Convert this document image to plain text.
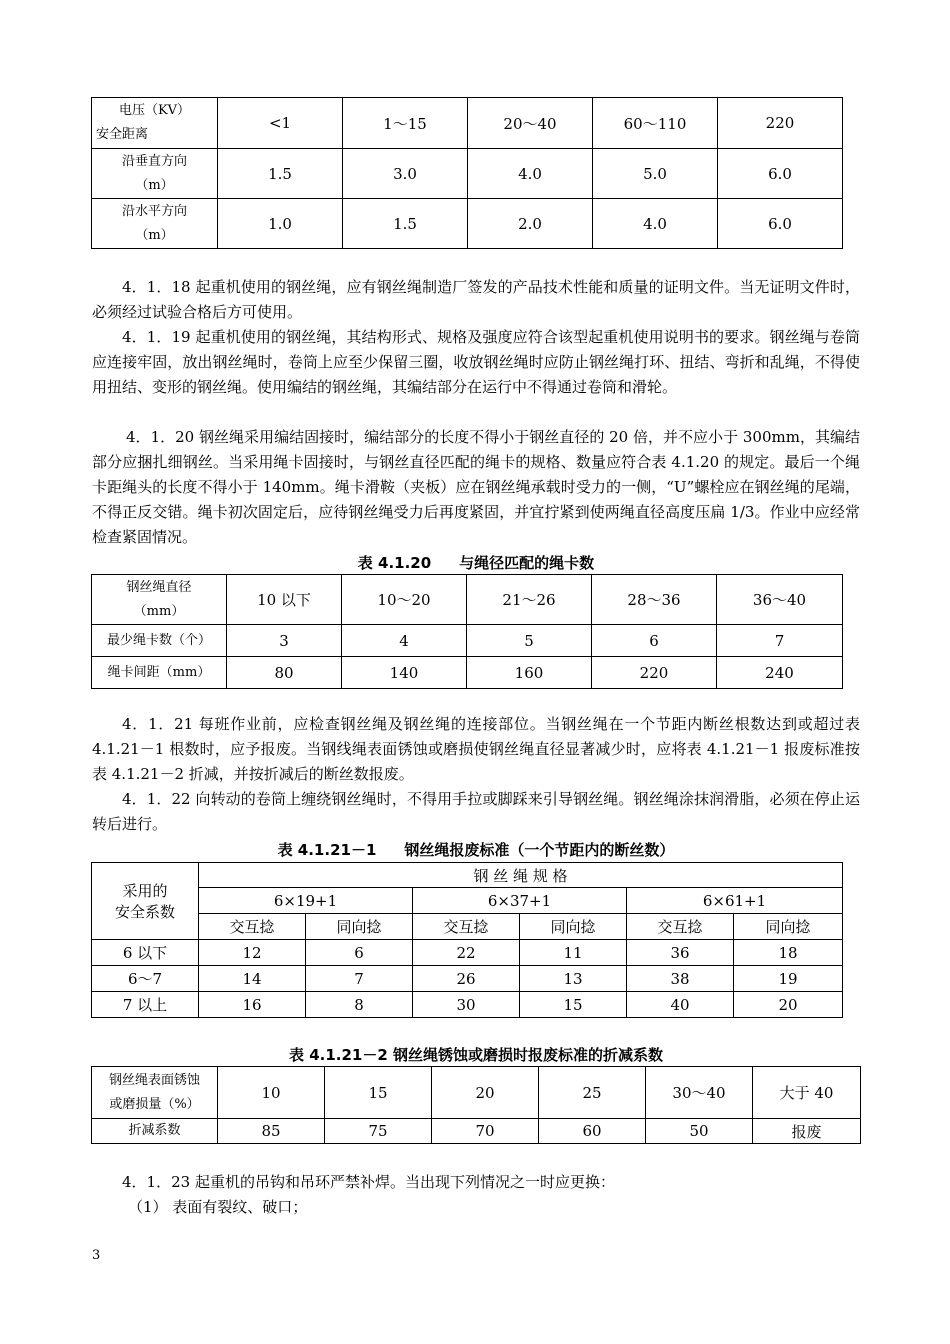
电压（KV）
安全距离	<1	1～15	20～40	60～110	220

沿垂直方向
（m）	1.5	3.0	4.0	5.0	6.0

沿水平方向
（m）	1.0	1.5	2.0	4.0	6.0

4．1．18 起重机使用的钢丝绳，应有钢丝绳制造厂签发的产品技术性能和质量的证明文件。当无证明文件时，必须经过试验合格后方可使用。

4．1．19 起重机使用的钢丝绳，其结构形式、规格及强度应符合该型起重机使用说明书的要求。钢丝绳与卷筒应连接牢固，放出钢丝绳时，卷筒上应至少保留三圈，收放钢丝绳时应防止钢丝绳打环、扭结、弯折和乱绳，不得使用扭结、变形的钢丝绳。使用编结的钢丝绳，其编结部分在运行中不得通过卷筒和滑轮。

4．1．20 钢丝绳采用编结固接时，编结部分的长度不得小于钢丝直径的 20 倍，并不应小于 300mm，其编结部分应捆扎细钢丝。当采用绳卡固接时，与钢丝直径匹配的绳卡的规格、数量应符合表 4.1.20 的规定。最后一个绳卡距绳头的长度不得小于 140mm。绳卡滑鞍（夹板）应在钢丝绳承载时受力的一侧，“U”螺栓应在钢丝绳的尾端，不得正反交错。绳卡初次固定后，应待钢丝绳受力后再度紧固，并宜拧紧到使两绳直径高度压扁 1/3。作业中应经常检查紧固情况。

表 4.1.20 与绳径匹配的绳卡数
钢丝绳直径
（mm）	10 以下	10～20	21～26	28～36	36～40
最少绳卡数（个）	3	4	5	6	7
绳卡间距（mm）	80	140	160	220	240

4．1．21 每班作业前，应检查钢丝绳及钢丝绳的连接部位。当钢丝绳在一个节距内断丝根数达到或超过表 4.1.21－1 根数时，应予报废。当钢线绳表面锈蚀或磨损使钢丝绳直径显著减少时，应将表 4.1.21－1 报废标准按表 4.1.21－2 折减，并按折减后的断丝数报废。

4．1．22 向转动的卷筒上缠绕钢丝绳时，不得用手拉或脚踩来引导钢丝绳。钢丝绳涂抹润滑脂，必须在停止运转后进行。

表 4.1.21－1 钢丝绳报废标准（一个节距内的断丝数）
采用的
安全系数	钢 丝 绳 规 格					
	6×19+1		6×37+1		6×61+1	
	交互捻	同向捻	交互捻	同向捻	交互捻	同向捻
6 以下	12	6	22	11	36	18
6～7	14	7	26	13	38	19
7 以上	16	8	30	15	40	20
表 4.1.21－2 钢丝绳锈蚀或磨损时报废标准的折减系数
钢丝绳表面锈蚀
或磨损量（%）	10	15	20	25	30～40	大于 40
折减系数	85	75	70	60	50	报废

4．1．23 起重机的吊钩和吊环严禁补焊。当出现下列情况之一时应更换：

（1） 表面有裂纹、破口；

3
